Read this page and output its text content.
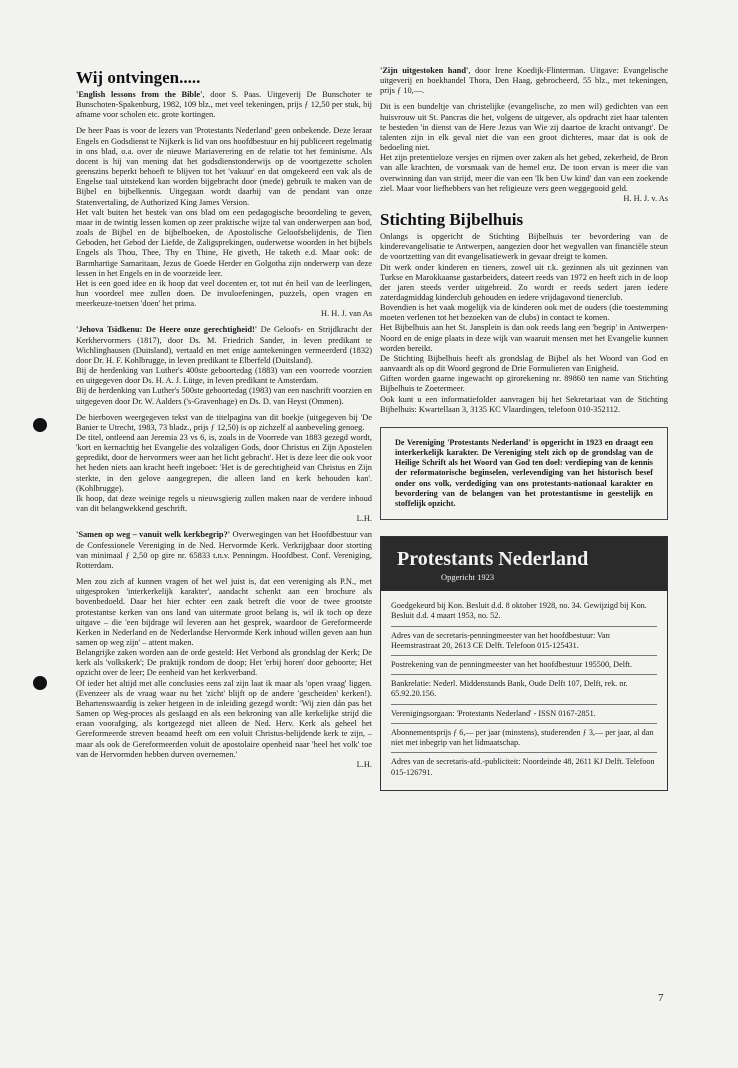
Wij ontvingen.....

'English lessons from the Bible', door S. Paas. Uitgeverij De Bunschoter te Bunschoten-Spakenburg, 1982, 109 blz., met veel tekeningen, prijs ƒ 12,50 per stuk, bij afname voor scholen etc. grote kortingen.

De heer Paas is voor de lezers van 'Protestants Nederland' geen onbekende. Deze leraar Engels en Godsdienst te Nijkerk is lid van ons hoofdbestuur en hij publiceert regelmatig in ons blad, o.a. over de nieuwe Mariaverering en de relatie tot het feminisme. Als docent is hij van mening dat het godsdienstonderwijs op de voortgezette scholen geenszins beperkt behoeft te blijven tot het 'vakuur' en dat omgekeerd een vak als de Engelse taal uitstekend kan worden bijgebracht door (mede) gebruik te maken van de Bijbel en bijbelkennis. Uitgegaan wordt daarbij van de pendant van onze Statenvertaling, de Authorized King James Version.

Het valt buiten het bestek van ons blad om een pedagogische beoordeling te geven, maar in de twintig lessen komen op zeer praktische wijze tal van onderwerpen aan bod, zoals de Bijbel en de bijbelboeken, de Apostolische Geloofsbelijdenis, de Tien Geboden, het Gebod der Liefde, de Zaligsprekingen, ouderwetse woorden in het bijbels Engels als Thou, Thee, Thy en Thine, He giveth, He taketh e.d. Maar ook: de Barmhartige Samaritaan, Jezus de Goede Herder en Golgotha zijn onderwerp van deze lessen in het Engels en in de voorzeide leer.

Het is een goed idee en ik hoop dat veel docenten er, tot nut én heil van de leerlingen, hun voordeel mee zullen doen. De invuloefeningen, puzzels, open vragen en meerkeuze-toetsen 'doen' het prima.

H. H. J. van As

'Jehova Tsidkenu: De Heere onze gerechtigheid!' De Geloofs- en Strijdkracht der Kerkhervormers (1817), door Ds. M. Friedrich Sander, in leven predikant te Wichlinghausen (Duitsland), vertaald en met enige aantekeningen vermeerderd (1832) door Dr. H. F. Kohlbrugge, in leven predikant te Elberfeld (Duitsland).

Bij de herdenking van Luther's 400ste geboortedag (1883) van een voorrede voorzien en uitgegeven door Ds. H. A. J. Lütge, in leven predikant te Amsterdam.

Bij de herdenking van Luther's 500ste geboortedag (1983) van een naschrift voorzien en uitgegeven door Dr. W. Aalders ('s-Gravenhage) en Ds. D. van Heyst (Ommen).

De hierboven weergegeven tekst van de titelpagina van dit boekje (uitgegeven bij 'De Banier te Utrecht, 1983, 73 bladz., prijs ƒ 12,50) is op zichzelf al aanbeveling genoeg.

De titel, ontleend aan Jeremia 23 vs 6, is, zoals in de Voorrede van 1883 gezegd wordt, 'kort en kernachtig het Evangelie des volzaligen Gods, door Christus en Zijn Apostelen gepredikt, door de hervormers weer aan het licht gebracht'. Het is deze leer die ook voor het heden niets aan kracht heeft ingeboet: 'Het is de gerechtigheid van Christus en Zijn sterkte, in den gelove aangegrepen, die alleen land en kerk behouden kan'. (Kohlbrugge).

Ik hoop, dat deze weinige regels u nieuwsgierig zullen maken naar de verdere inhoud van dit belangwekkend geschrift.

L.H.

'Samen op weg – vanuit welk kerkbegrip?' Overwegingen van het Hoofdbestuur van de Confessionele Vereniging in de Ned. Hervormde Kerk. Verkrijgbaar door storting van minimaal ƒ 2,50 op gire nr. 65833 t.n.v. Penningm. Hoofdbest. Conf. Vereniging, Rotterdam.

Men zou zich af kunnen vragen of het wel juist is, dat een vereniging als P.N., met uitgesproken 'interkerkelijk karakter', aandacht schenkt aan een brochure als bovenbedoeld. Daar het hier echter een zaak betreft die voor de twee grootste protestantse kerken van ons land van uitermate groot belang is, wil ik toch op deze uitgave – die 'een bijdrage wil leveren aan het gesprek, waardoor de Gereformeerde Kerken in Nederland en de Nederlandse Hervormde Kerk inhoud willen geven aan hun samen op weg zijn' – attent maken.

Belangrijke zaken worden aan de orde gesteld: Het Verbond als grondslag der Kerk; De kerk als 'volkskerk'; De praktijk rondom de doop; Het 'erbij horen' door geboorte; Het opzicht over de leer; De eenheid van het kerkverband.

Of ieder het altijd met alle conclusies eens zal zijn laat ik maar als 'open vraag' liggen. (Evenzeer als de vraag waar nu het 'zicht' blijft op de andere 'gescheiden' kerken!). Behartenswaardig is zeker hetgeen in de inleiding gezegd wordt: 'Wij zien dán pas het Samen op Weg-proces als geslaagd en als een bekroning van alle kerkelijke strijd die eraan voorafging, als kortgezegd niet alleen de Ned. Herv. Kerk als geheel het Gereformeerde streven beaamd heeft om een voluit Christus-belijdende kerk te zijn, – maar als ook de Gereformeerden voluit de apostolaire openheid naar 'heel het volk' toe van de Hervormden hebben durven overnemen.'

L.H.

'Zijn uitgestoken hand', door Irene Koedijk-Flinterman. Uitgave: Evangelische uitgeverij en boekhandel Thora, Den Haag, gebrocheerd, 55 blz., met tekeningen, prijs ƒ 10,—.

Dit is een bundeltje van christelijke (evangelische, zo men wil) gedichten van een huisvrouw uit St. Pancras die het, volgens de uitgever, als opdracht ziet haar talenten te besteden 'in dienst van de Here Jezus van Wie zij daartoe de kracht ontvangt'. De talenten zijn in elk geval niet die van een groot dichteres, maar dat is ook de bedoeling niet.

Het zijn pretentieloze versjes en rijmen over zaken als het gebed, zekerheid, de Bron van alle krachten, de vorsmaak van de hemel enz. De toon ervan is meer die van overwinning dan van strijd, meer die van een 'Ik ben Uw kind' dan van een zoekende ziel. Maar voor liefhebbers van het religieuze vers geen weggegooid geld.

H. H. J. v. As

Stichting Bijbelhuis

Onlangs is opgericht de Stichting Bijbelhuis ter bevordering van de kinderevangelisatie te Antwerpen, aangezien door het wegvallen van financiële steun de voortzetting van dit evangelisatiewerk in gevaar dreigt te komen.

Dit werk onder kinderen en tieners, zowel uit r.k. gezinnen als uit gezinnen van Turkse en Marokkaanse gastarbeiders, dateert reeds van 1972 en heeft zich in de loop der jaren steeds verder uitgebreid. Zo wordt er reeds sedert jaren iedere zaterdagmiddag kinderclub gehouden en iedere vrijdagavond tienerclub.

Bovendien is het vaak mogelijk via de kinderen ook met de ouders (die toestemming moeten verlenen tot het bezoeken van de clubs) in contact te komen.

Het Bijbelhuis aan het St. Jansplein is dan ook reeds lang een 'begrip' in Antwerpen-Noord en de enige plaats in deze wijk van waaruit mensen met het Evangelie kunnen worden bereikt.

De Stichting Bijbelhuis heeft als grondslag de Bijbel als het Woord van God en aanvaardt als op dit Woord gegrond de Drie Formulieren van Enigheid.

Giften worden gaarne ingewacht op girorekening nr. 89860 ten name van Stichting Bijbelhuis te Zoetermeer.

Ook kunt u een informatiefolder aanvragen bij het Sekretariaat van de Stichting Bijbelhuis: Kwartellaan 3, 3135 KC Vlaardingen, telefoon 010-352112.

De Vereniging 'Protestants Nederland' is opgericht in 1923 en draagt een interkerkelijk karakter. De Vereniging stelt zich op de grondslag van de Heilige Schrift als het Woord van God ten doel: verdieping van de kennis der reformatorische beginselen, verlevendiging van het historisch besef onder ons volk, verdediging van ons protestants-nationaal karakter en bevordering van de belangen van het protestantisme in geestelijk en stoffelijk opzicht.
Protestants Nederland
Opgericht 1923
Goedgekeurd bij Kon. Besluit d.d. 8 oktober 1928, no. 34. Gewijzigd bij Kon. Besluit d.d. 4 maart 1953, no. 52.
Adres van de secretaris-penningmeester van het hoofdbestuur: Van Heemstrastraat 20, 2613 CE Delft. Telefoon 015-125431.
Postrekening van de penningmeester van het hoofdbestuur 195500, Delft.
Bankrelatie: Nederl. Middenstands Bank, Oude Delft 107, Delft, rek. nr. 65.92.20.156.
Verenigingsorgaan: 'Protestants Nederland' - ISSN 0167-2851.
Abonnementsprijs ƒ 6,— per jaar (minstens), studerenden ƒ 3,— per jaar, al dan niet met inbegrip van het lidmaatschap.
Adres van de secretaris-afd.-publiciteit: Noordeinde 48, 2611 KJ Delft. Telefoon 015-126791.
7
